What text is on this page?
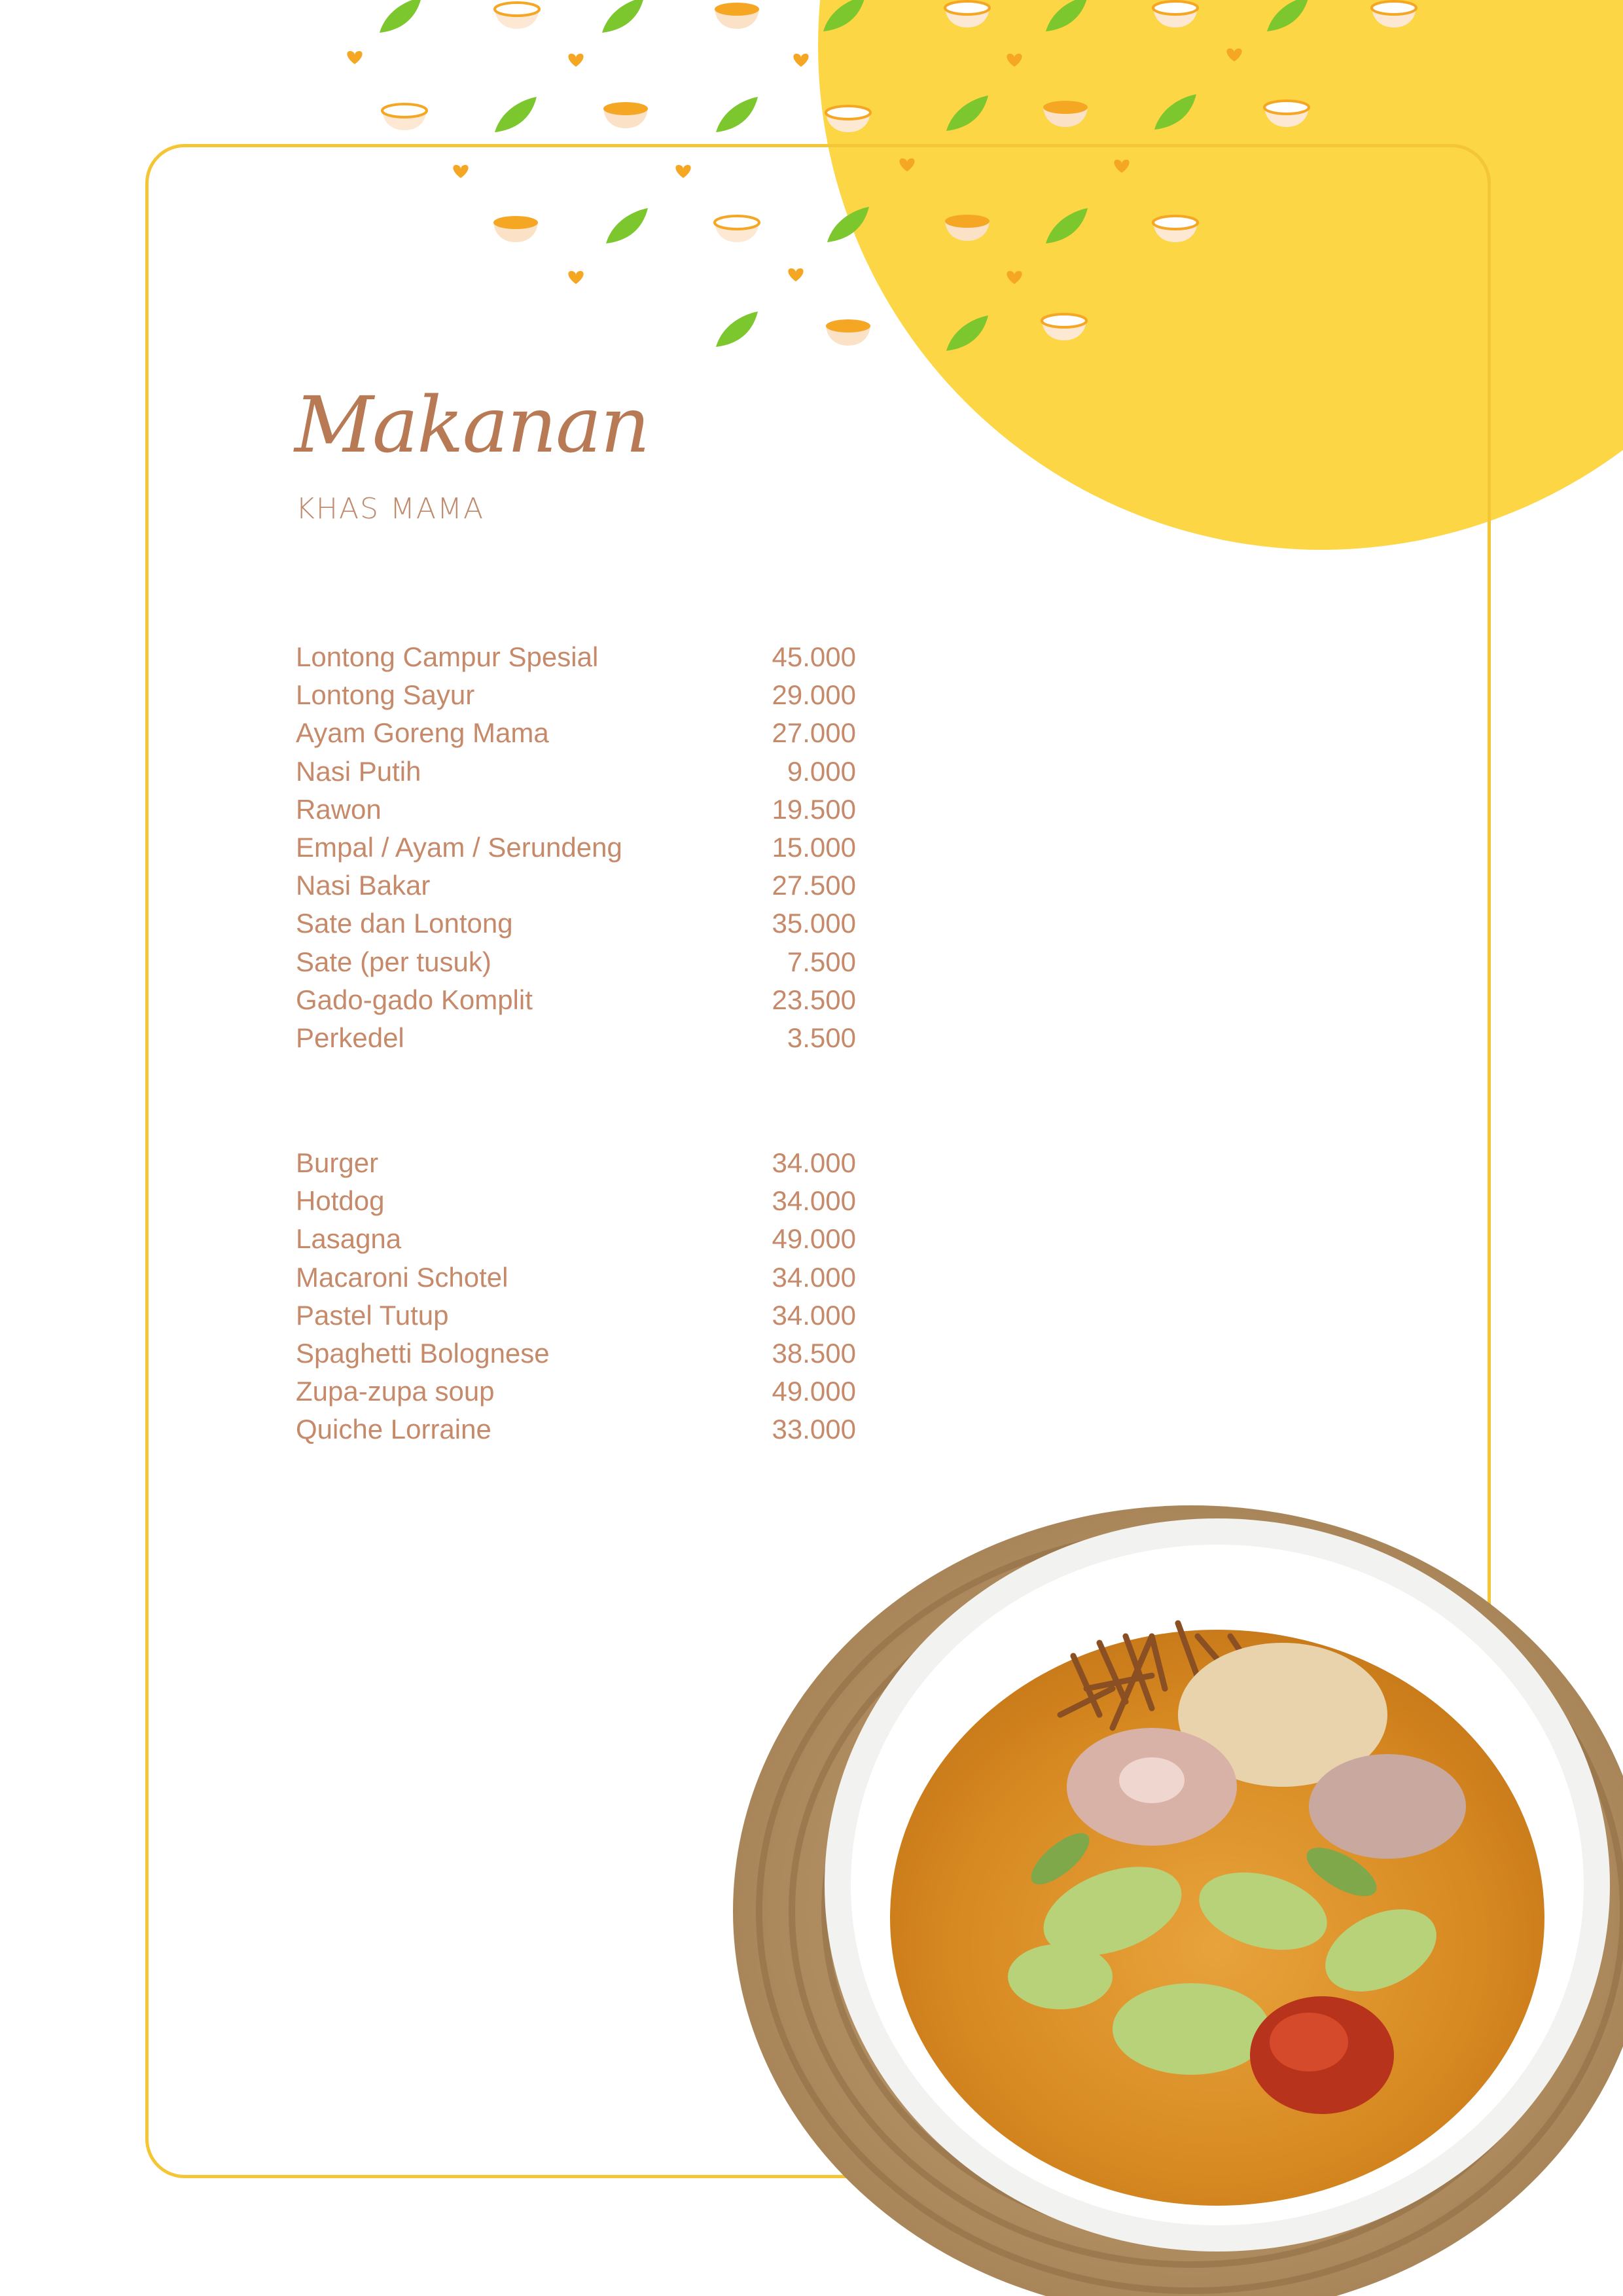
Makanan

KHAS MAMA

Lontong Campur Spesial	45.000
Lontong Sayur	29.000
Ayam Goreng Mama	27.000
Nasi Putih	9.000
Rawon	19.500
Empal / Ayam / Serundeng	15.000
Nasi Bakar	27.500
Sate dan Lontong	35.000
Sate (per tusuk)	7.500
Gado-gado Komplit	23.500
Perkedel	3.500
Burger	34.000
Hotdog	34.000
Lasagna	49.000
Macaroni Schotel	34.000
Pastel Tutup	34.000
Spaghetti Bolognese	38.500
Zupa-zupa soup	49.000
Quiche Lorraine	33.000
